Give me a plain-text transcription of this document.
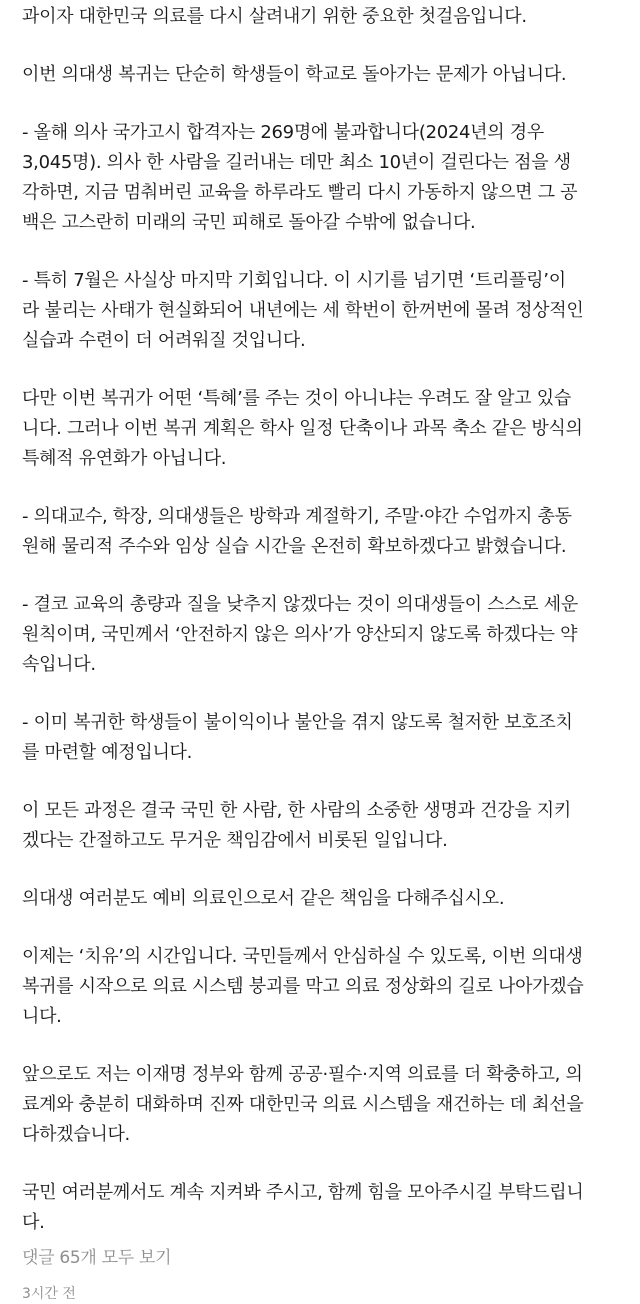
과이자 대한민국 의료를 다시 살려내기 위한 중요한 첫걸음입니다.

이번 의대생 복귀는 단순히 학생들이 학교로 돌아가는 문제가 아닙니다.

- 올해 의사 국가고시 합격자는 269명에 불과합니다(2024년의 경우
3,045명). 의사 한 사람을 길러내는 데만 최소 10년이 걸린다는 점을 생
각하면, 지금 멈춰버린 교육을 하루라도 빨리 다시 가동하지 않으면 그 공
백은 고스란히 미래의 국민 피해로 돌아갈 수밖에 없습니다.

- 특히 7월은 사실상 마지막 기회입니다. 이 시기를 넘기면 ‘트리플링’이
라 불리는 사태가 현실화되어 내년에는 세 학번이 한꺼번에 몰려 정상적인
실습과 수련이 더 어려워질 것입니다.

다만 이번 복귀가 어떤 ‘특혜’를 주는 것이 아니냐는 우려도 잘 알고 있습
니다. 그러나 이번 복귀 계획은 학사 일정 단축이나 과목 축소 같은 방식의
특혜적 유연화가 아닙니다.

- 의대교수, 학장, 의대생들은 방학과 계절학기, 주말·야간 수업까지 총동
원해 물리적 주수와 임상 실습 시간을 온전히 확보하겠다고 밝혔습니다.

- 결코 교육의 총량과 질을 낮추지 않겠다는 것이 의대생들이 스스로 세운
원칙이며, 국민께서 ‘안전하지 않은 의사’가 양산되지 않도록 하겠다는 약
속입니다.

- 이미 복귀한 학생들이 불이익이나 불안을 겪지 않도록 철저한 보호조치
를 마련할 예정입니다.

이 모든 과정은 결국 국민 한 사람, 한 사람의 소중한 생명과 건강을 지키
겠다는 간절하고도 무거운 책임감에서 비롯된 일입니다.

의대생 여러분도 예비 의료인으로서 같은 책임을 다해주십시오.

이제는 ‘치유’의 시간입니다. 국민들께서 안심하실 수 있도록, 이번 의대생
복귀를 시작으로 의료 시스템 붕괴를 막고 의료 정상화의 길로 나아가겠습
니다.

앞으로도 저는 이재명 정부와 함께 공공·필수·지역 의료를 더 확충하고, 의
료계와 충분히 대화하며 진짜 대한민국 의료 시스템을 재건하는 데 최선을
다하겠습니다.

국민 여러분께서도 계속 지켜봐 주시고, 함께 힘을 모아주시길 부탁드립니
다.

댓글 65개 모두 보기
3시간 전
